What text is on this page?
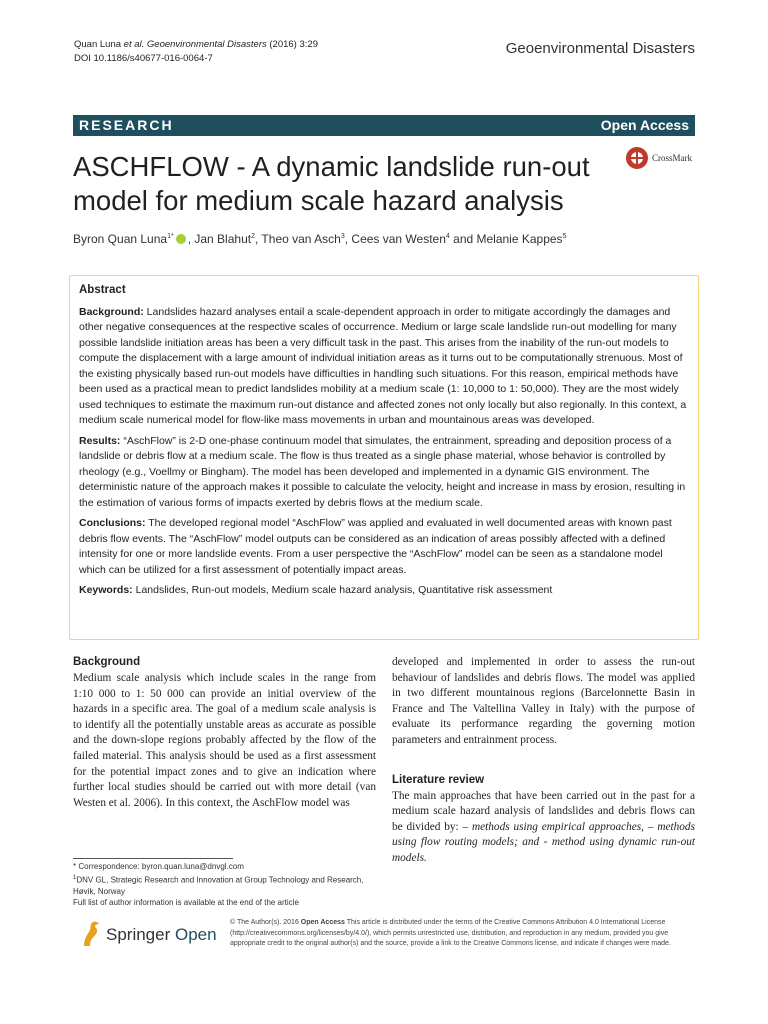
Quan Luna et al. Geoenvironmental Disasters (2016) 3:29
DOI 10.1186/s40677-016-0064-7
Geoenvironmental Disasters
RESEARCH	Open Access
ASCHFLOW - A dynamic landslide run-out model for medium scale hazard analysis
CrossMark
Byron Quan Luna$^{1*}$ , Jan Blahut$^2$, Theo van Asch$^3$, Cees van Westen$^4$ and Melanie Kappes$^5$
Abstract

Background: Landslides hazard analyses entail a scale-dependent approach in order to mitigate accordingly the damages and other negative consequences at the respective scales of occurrence. Medium or large scale landslide run-out modelling for many possible landslide initiation areas has been a very difficult task in the past. This arises from the inability of the run-out models to compute the displacement with a large amount of individual initiation areas as it turns out to be computationally strenuous. Most of the existing physically based run-out models have difficulties in handling such situations. For this reason, empirical methods have been used as a practical mean to predict landslides mobility at a medium scale (1: 10,000 to 1: 50,000). They are the most widely used techniques to estimate the maximum run-out distance and affected zones not only locally but also regionally. In this context, a medium scale numerical model for flow-like mass movements in urban and mountainous areas was developed.

Results: “AschFlow” is 2-D one-phase continuum model that simulates, the entrainment, spreading and deposition process of a landslide or debris flow at a medium scale. The flow is thus treated as a single phase material, whose behavior is controlled by rheology (e.g., Voellmy or Bingham). The model has been developed and implemented in a dynamic GIS environment. The deterministic nature of the approach makes it possible to calculate the velocity, height and increase in mass by erosion, resulting in the estimation of various forms of impacts exerted by debris flows at the medium scale.

Conclusions: The developed regional model “AschFlow” was applied and evaluated in well documented areas with known past debris flow events. The “AschFlow” model outputs can be considered as an indication of areas possibly affected with a defined intensity for one or more landslide events. From a user perspective the “AschFlow” model can be seen as a standalone model which can be utilized for a first assessment of potentially impact areas.

Keywords: Landslides, Run-out models, Medium scale hazard analysis, Quantitative risk assessment

Background

Medium scale analysis which include scales in the range from 1:10 000 to 1: 50 000 can provide an initial overview of the hazards in a specific area. The goal of a medium scale analysis is to identify all the potentially unstable areas as accurate as possible and the down-slope regions probably affected by the flow of the failed material. This analysis should be used as a first assessment for the potential impact zones and to give an indication where further local studies should be carried out with more detail (van Westen et al. 2006). In this context, the AschFlow model was

developed and implemented in order to assess the run-out behaviour of landslides and debris flows. The model was applied in two different mountainous regions (Barcelonnette Basin in France and The Valtellina Valley in Italy) with the purpose of evaluate its performance regarding the governing motion parameters and entrainment process.

Literature review

The main approaches that have been carried out in the past for a medium scale hazard analysis of landslides and debris flows can be divided by: – methods using empirical approaches, – methods using flow routing models; and - method using dynamic run-out models.

* Correspondence: byron.quan.luna@dnvgl.com
$^1$DNV GL, Strategic Research and Innovation at Group Technology and Research, Høvik, Norway
Full list of author information is available at the end of the article
Springer Open
© The Author(s). 2016 Open Access This article is distributed under the terms of the Creative Commons Attribution 4.0 International License (http://creativecommons.org/licenses/by/4.0/), which permits unrestricted use, distribution, and reproduction in any medium, provided you give appropriate credit to the original author(s) and the source, provide a link to the Creative Commons license, and indicate if changes were made.
